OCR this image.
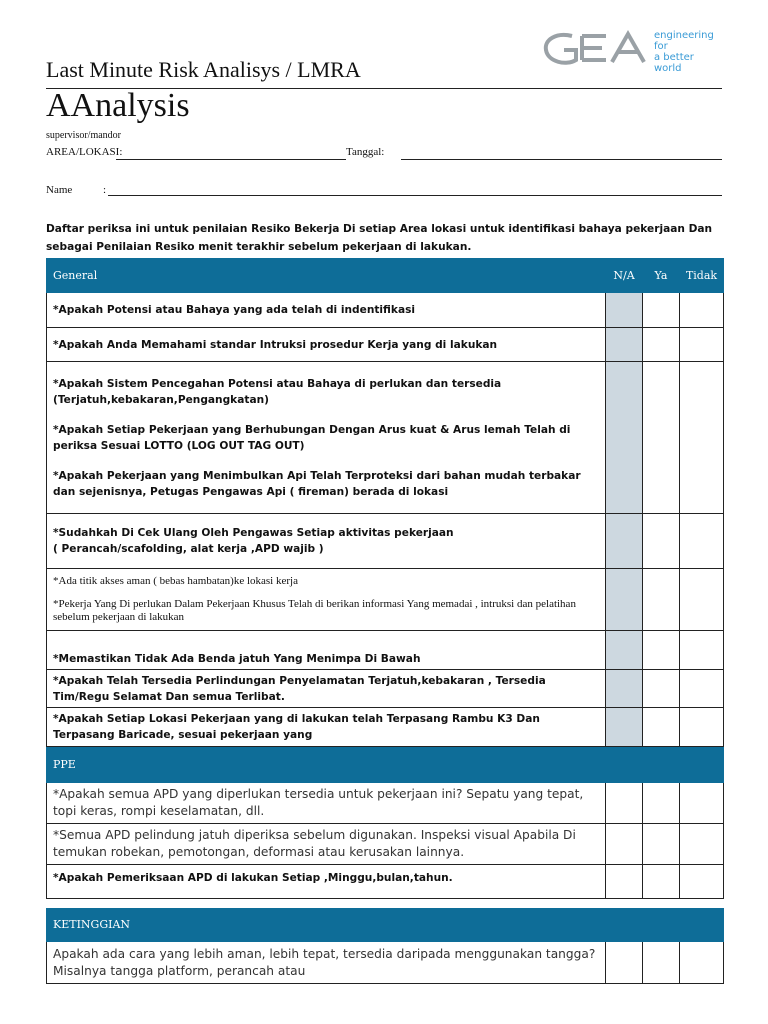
engineering for
a better world
Last Minute Risk Analisys / LMRA
AAnalysis
supervisor/mandor
AREA/LOKASI:	Tanggal:
Name	:
Daftar periksa ini untuk penilaian Resiko Bekerja Di setiap Area lokasi untuk identifikasi bahaya pekerjaan Dan sebagai Penilaian Resiko menit terakhir sebelum pekerjaan di lakukan.
General	N/A	Ya	Tidak
*Apakah Potensi atau Bahaya yang ada telah di indentifikasi			
*Apakah Anda Memahami standar Intruksi prosedur Kerja yang di lakukan			

*Apakah Sistem Pencegahan Potensi atau Bahaya di perlukan dan tersedia (Terjatuh,kebakaran,Pengangkatan)
*Apakah Setiap Pekerjaan yang Berhubungan Dengan Arus kuat & Arus lemah Telah di periksa Sesuai LOTTO (LOG OUT TAG OUT)
*Apakah Pekerjaan yang Menimbulkan Api Telah Terproteksi dari bahan mudah terbakar dan sejenisnya, Petugas Pengawas Api ( fireman) berada di lokasi			

*Sudahkah Di Cek Ulang Oleh Pengawas Setiap aktivitas pekerjaan
( Perancah/scafolding, alat kerja ,APD wajib )			

*Ada titik akses aman ( bebas hambatan)ke lokasi kerja
*Pekerja Yang Di perlukan Dalam Pekerjaan Khusus Telah di berikan informasi Yang memadai , intruksi dan pelatihan sebelum pekerjaan di lakukan			

*Memastikan Tidak Ada Benda jatuh Yang Menimpa Di Bawah			
*Apakah Telah Tersedia Perlindungan Penyelamatan Terjatuh,kebakaran , Tersedia Tim/Regu Selamat Dan semua Terlibat.			
*Apakah Setiap Lokasi Pekerjaan yang di lakukan telah Terpasang Rambu K3 Dan Terpasang Baricade, sesuai pekerjaan yang			
PPE			
*Apakah semua APD yang diperlukan tersedia untuk pekerjaan ini? Sepatu yang tepat, topi keras, rompi keselamatan, dll.			
*Semua APD pelindung jatuh diperiksa sebelum digunakan. Inspeksi visual Apabila Di temukan robekan, pemotongan, deformasi atau kerusakan lainnya.			
*Apakah Pemeriksaan APD di lakukan Setiap ,Minggu,bulan,tahun.			

KETINGGIAN			
Apakah ada cara yang lebih aman, lebih tepat, tersedia daripada menggunakan tangga? Misalnya tangga platform, perancah atau			
